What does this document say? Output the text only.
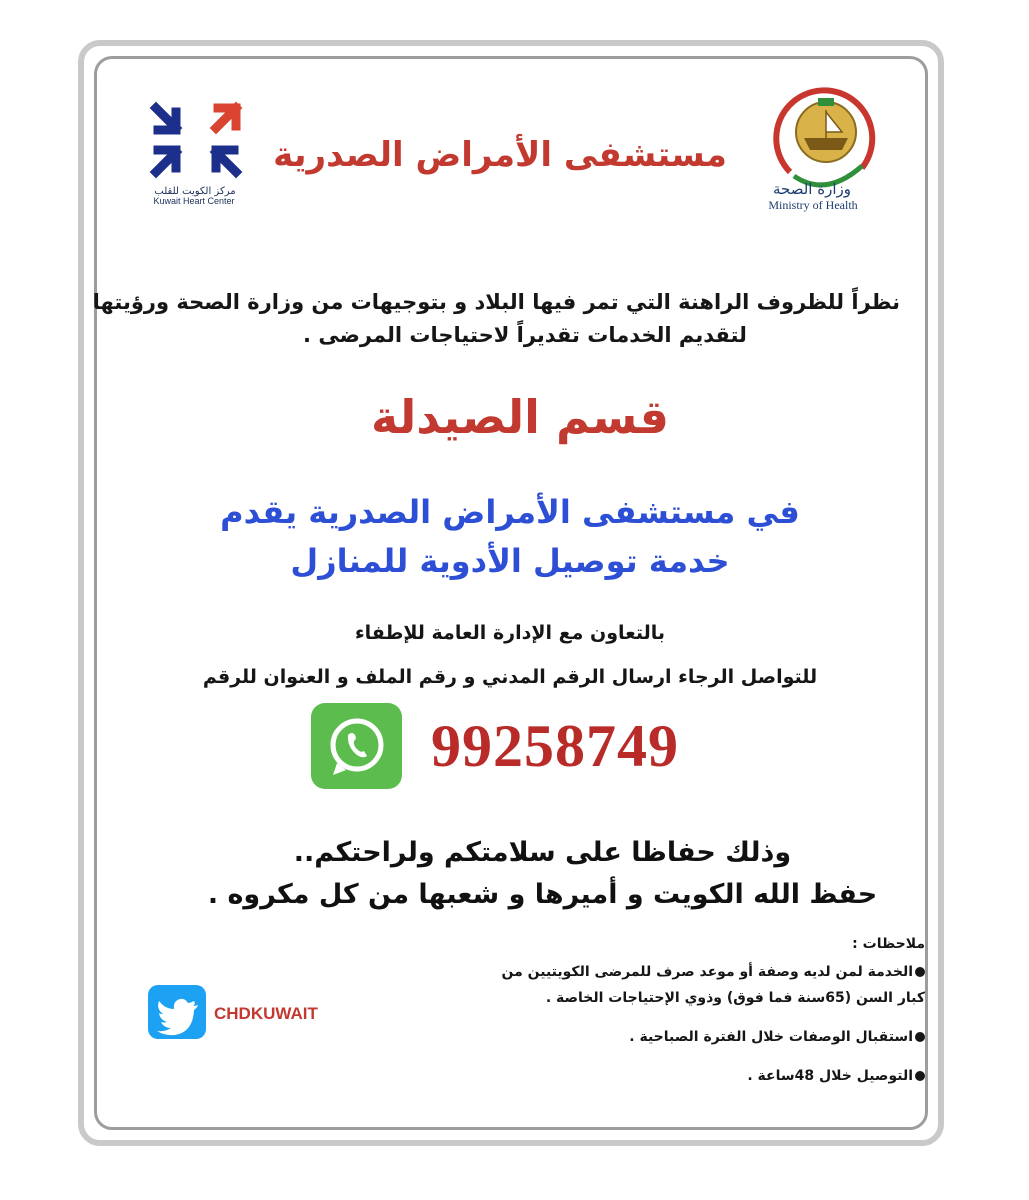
وزارة الصحة
Ministry of Health
مركز الكويت للقلب
Kuwait Heart Center
مستشفى الأمراض الصدرية
نظراً للظروف الراهنة التي تمر فيها البلاد و بتوجيهات من وزارة الصحة ورؤيتها
لتقديم الخدمات تقديراً لاحتياجات المرضى .
قسم الصيدلة
في مستشفى الأمراض الصدرية يقدم
خدمة توصيل الأدوية للمنازل
بالتعاون مع الإدارة العامة للإطفاء
للتواصل الرجاء ارسال الرقم المدني و رقم الملف و العنوان للرقم
99258749
وذلك حفاظا على سلامتكم ولراحتكم..
حفظ الله الكويت و أميرها و شعبها من كل مكروه .
ملاحظات :
الخدمة لمن لديه وصفة أو موعد صرف للمرضى الكويتيين من كبار السن (65سنة فما فوق) وذوي الإحتياجات الخاصة .
استقبال الوصفات خلال الفترة الصباحية .
التوصيل خلال 48ساعة .
CHDKUWAIT
